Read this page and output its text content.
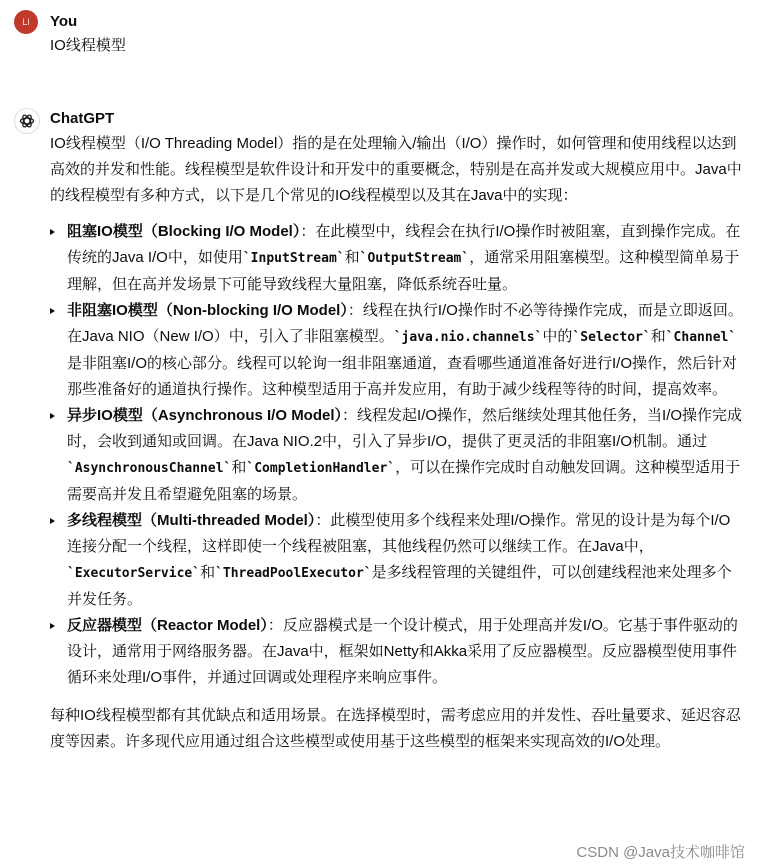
LI	You
IO线程模型
ChatGPT

IO线程模型（I/O Threading Model）指的是在处理输入/输出（I/O）操作时，如何管理和使用线程以达到高效的并发和性能。线程模型是软件设计和开发中的重要概念，特别是在高并发或大规模应用中。Java中的线程模型有多种方式，以下是几个常见的IO线程模型以及其在Java中的实现：

阻塞IO模型（Blocking I/O Model）：在此模型中，线程会在执行I/O操作时被阻塞，直到操作完成。在传统的Java I/O中，如使用`InputStream`和`OutputStream`，通常采用阻塞模型。这种模型简单易于理解，但在高并发场景下可能导致线程大量阻塞，降低系统吞吐量。
非阻塞IO模型（Non-blocking I/O Model）：线程在执行I/O操作时不必等待操作完成，而是立即返回。在Java NIO（New I/O）中，引入了非阻塞模型。`java.nio.channels`中的`Selector`和`Channel`是非阻塞I/O的核心部分。线程可以轮询一组非阻塞通道，查看哪些通道准备好进行I/O操作，然后针对那些准备好的通道执行操作。这种模型适用于高并发应用，有助于减少线程等待的时间，提高效率。
异步IO模型（Asynchronous I/O Model）：线程发起I/O操作，然后继续处理其他任务，当I/O操作完成时，会收到通知或回调。在Java NIO.2中，引入了异步I/O，提供了更灵活的非阻塞I/O机制。通过`AsynchronousChannel`和`CompletionHandler`，可以在操作完成时自动触发回调。这种模型适用于需要高并发且希望避免阻塞的场景。
多线程模型（Multi-threaded Model）：此模型使用多个线程来处理I/O操作。常见的设计是为每个I/O连接分配一个线程，这样即使一个线程被阻塞，其他线程仍然可以继续工作。在Java中，`ExecutorService`和`ThreadPoolExecutor`是多线程管理的关键组件，可以创建线程池来处理多个并发任务。
反应器模型（Reactor Model）：反应器模式是一个设计模式，用于处理高并发I/O。它基于事件驱动的设计，通常用于网络服务器。在Java中，框架如Netty和Akka采用了反应器模型。反应器模型使用事件循环来处理I/O事件，并通过回调或处理程序来响应事件。

每种IO线程模型都有其优缺点和适用场景。在选择模型时，需考虑应用的并发性、吞吐量要求、延迟容忍度等因素。许多现代应用通过组合这些模型或使用基于这些模型的框架来实现高效的I/O处理。

CSDN @Java技术咖啡馆
